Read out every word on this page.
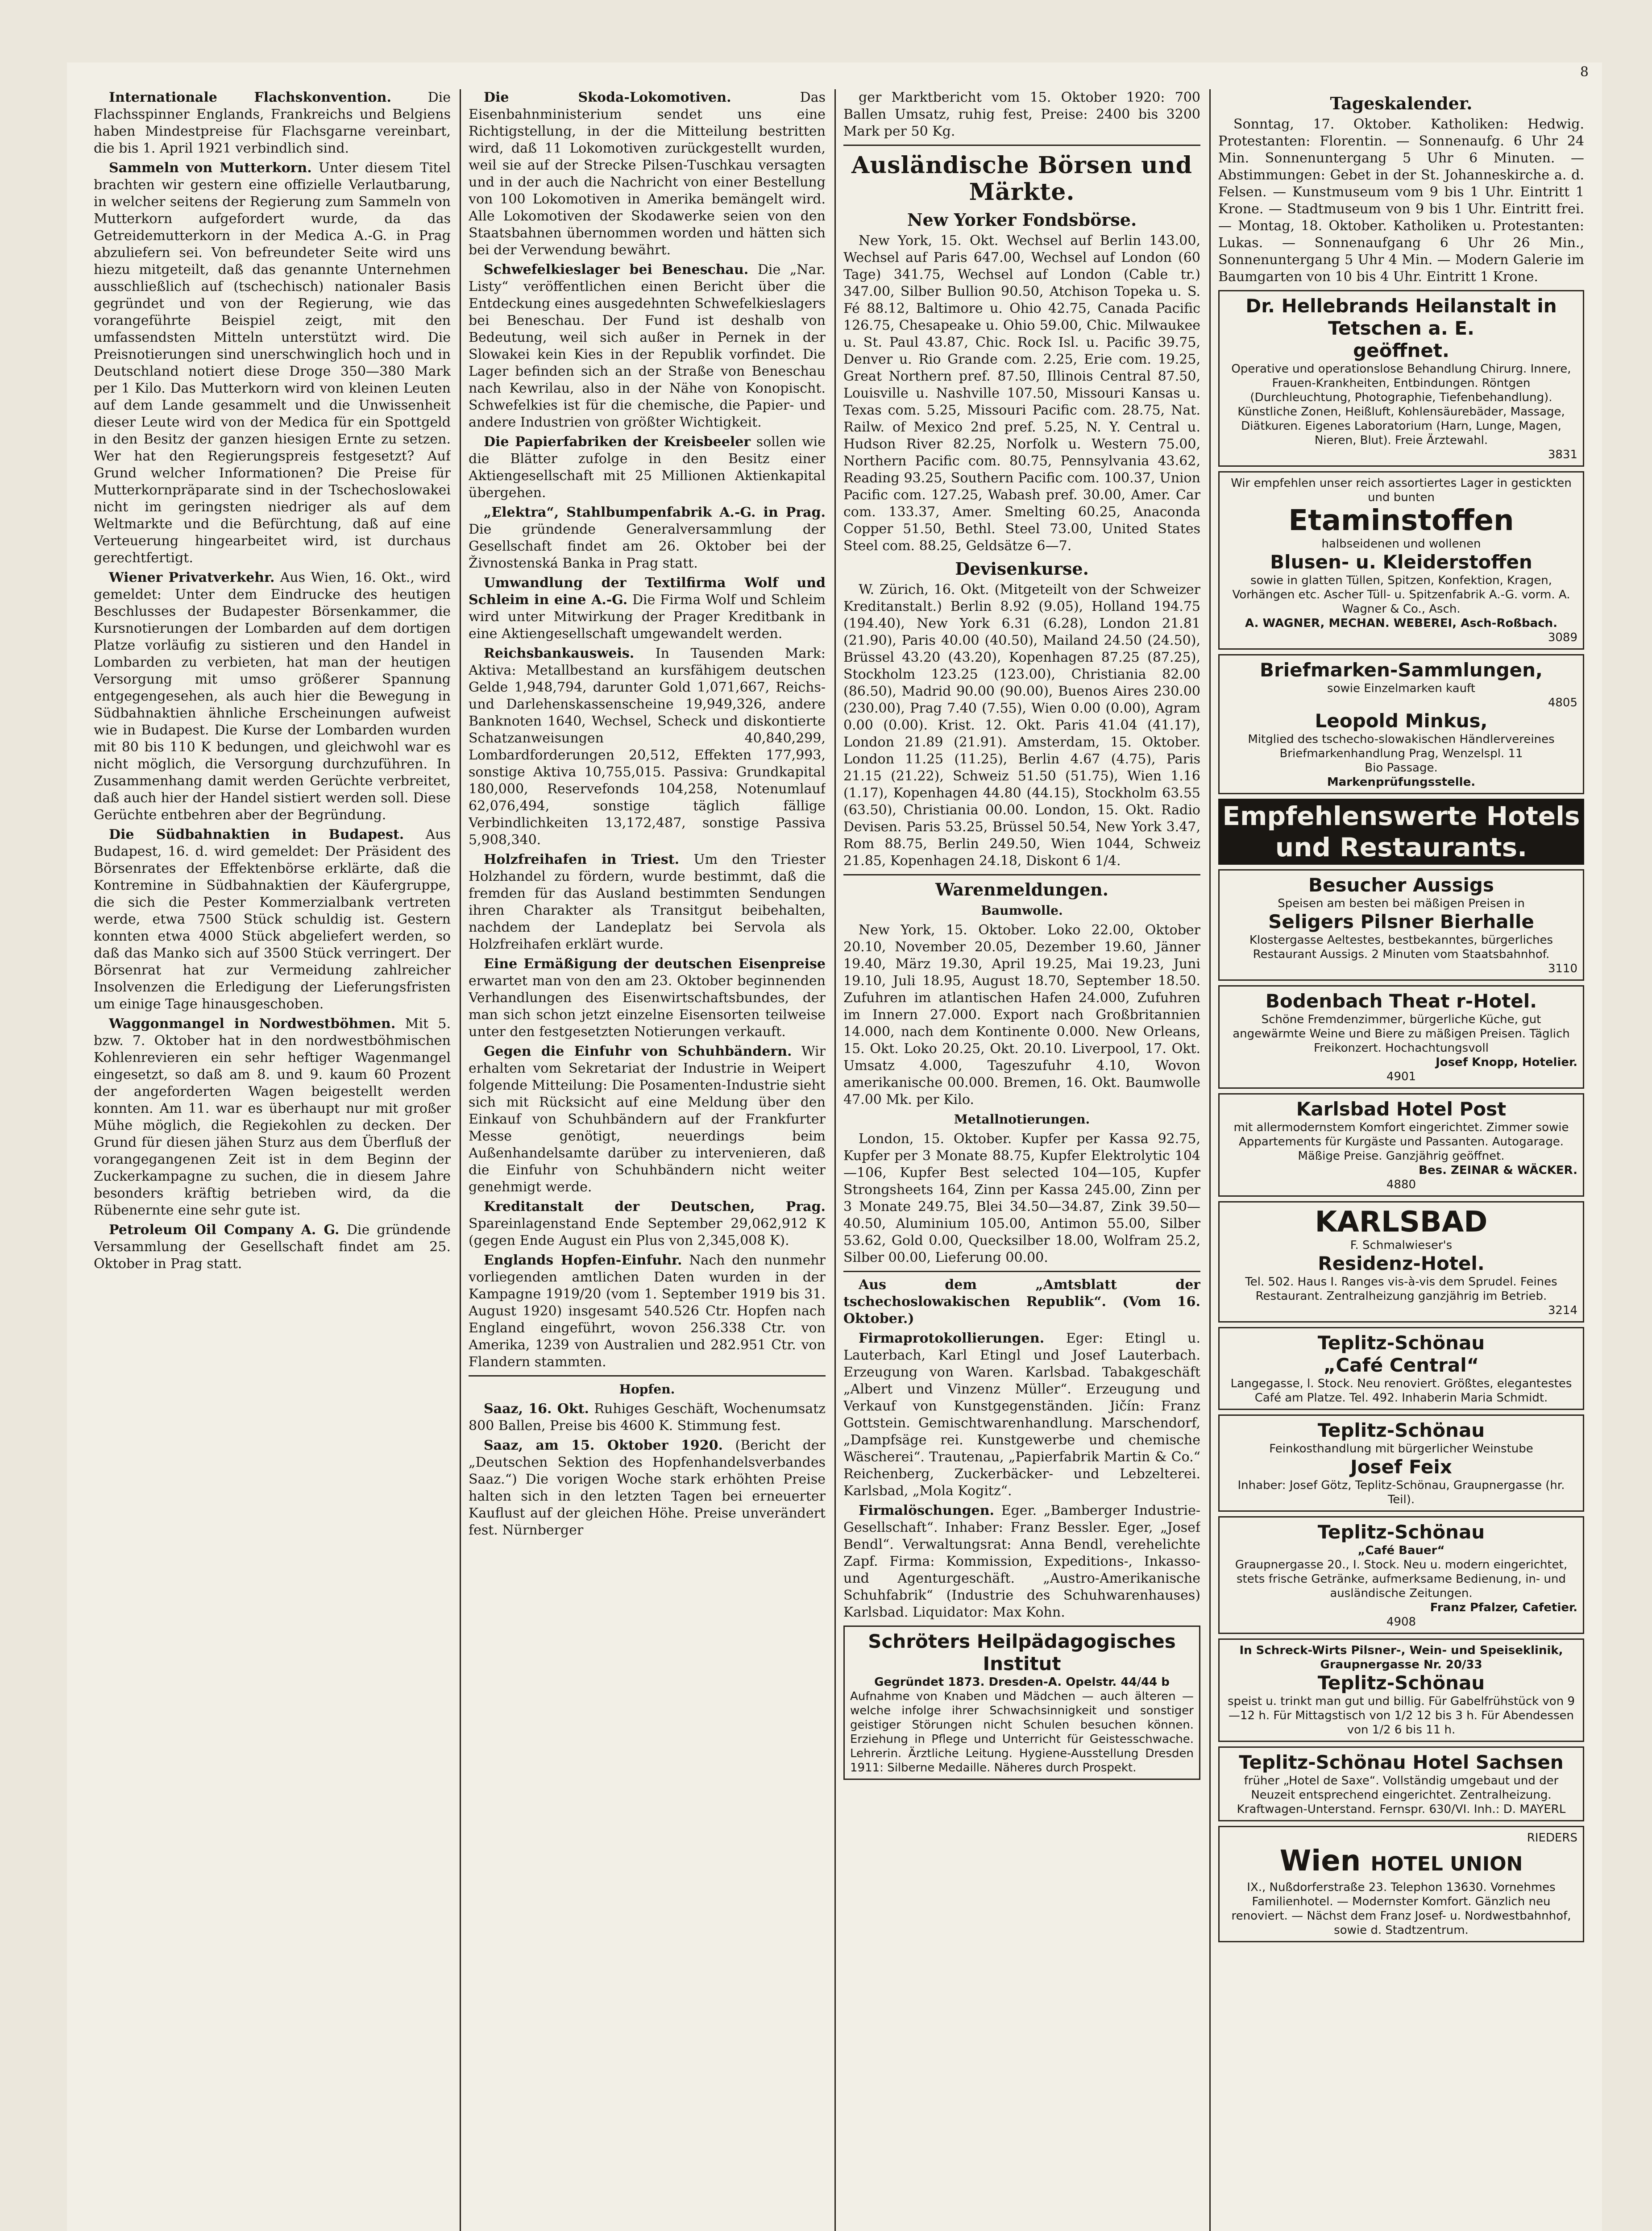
8

Internationale Flachskonvention.	Die Flachsspinner Englands, Frankreichs und Belgiens haben Mindestpreise für Flachsgarne vereinbart, die bis 1. April 1921 verbindlich sind.

Sammeln von Mutterkorn. Unter diesem Titel brachten wir gestern eine offizielle Verlautbarung, in welcher seitens der Regierung zum Sammeln von Mutterkorn aufgefordert wurde, da das Getreidemutterkorn in der Medica A.-G. in Prag abzuliefern sei. Von befreundeter Seite wird uns hiezu mitgeteilt, daß das genannte Unternehmen ausschließlich auf (tschechisch) nationaler Basis gegründet und von der Regierung, wie das vorangeführte Beispiel zeigt, mit den umfassendsten Mitteln unterstützt wird. Die Preisnotierungen sind unerschwinglich hoch und in Deutschland notiert diese Droge 350—380 Mark per 1 Kilo. Das Mutterkorn wird von kleinen Leuten auf dem Lande gesammelt und die Unwissenheit dieser Leute wird von der Medica für ein Spottgeld in den Besitz der ganzen hiesigen Ernte zu setzen. Wer hat den Regierungspreis festgesetzt? Auf Grund welcher Informationen? Die Preise für Mutterkornpräparate sind in der Tschechoslowakei nicht im geringsten niedriger als auf dem Weltmarkte und die Befürchtung, daß auf eine Verteuerung hingearbeitet wird, ist durchaus gerechtfertigt.

Wiener Privatverkehr. Aus Wien, 16. Okt., wird gemeldet: Unter dem Eindrucke des heutigen Beschlusses der Budapester Börsenkammer, die Kursnotierungen der Lombarden auf dem dortigen Platze vorläufig zu sistieren und den Handel in Lombarden zu verbieten, hat man der heutigen Versorgung mit umso größerer Spannung entgegengesehen, als auch hier die Bewegung in Südbahnaktien ähnliche Erscheinungen aufweist wie in Budapest. Die Kurse der Lombarden wurden mit 80 bis 110 K bedungen, und gleichwohl war es nicht möglich, die Versorgung durchzuführen. In Zusammenhang damit werden Gerüchte verbreitet, daß auch hier der Handel sistiert werden soll. Diese Gerüchte entbehren aber der Begründung.

Die Südbahnaktien in Budapest. Aus Budapest, 16. d. wird gemeldet: Der Präsident des Börsenrates der Effektenbörse erklärte, daß die Kontremine in Südbahnaktien der Käufergruppe, die sich die Pester Kommerzialbank vertreten werde, etwa 7500 Stück schuldig ist. Gestern konnten etwa 4000 Stück abgeliefert werden, so daß das Manko sich auf 3500 Stück verringert. Der Börsenrat hat zur Vermeidung zahlreicher Insolvenzen die Erledigung der Lieferungsfristen um einige Tage hinausgeschoben.

Waggonmangel in Nordwestböhmen. Mit 5. bzw. 7. Oktober hat in den nordwestböhmischen Kohlenrevieren ein sehr heftiger Wagenmangel eingesetzt, so daß am 8. und 9. kaum 60 Prozent der angeforderten Wagen beigestellt werden konnten. Am 11. war es überhaupt nur mit großer Mühe möglich, die Regiekohlen zu decken. Der Grund für diesen jähen Sturz aus dem Überfluß der vorangegangenen Zeit ist in dem Beginn der Zuckerkampagne zu suchen, die in diesem Jahre besonders kräftig betrieben wird, da die Rübenernte eine sehr gute ist.

Petroleum Oil Company A. G. Die gründende Versammlung der Gesellschaft findet am 25. Oktober in Prag statt.

Die Skoda-Lokomotiven.	Das Eisenbahnministerium sendet uns eine Richtigstellung, in der die Mitteilung bestritten wird, daß 11 Lokomotiven zurückgestellt wurden, weil sie auf der Strecke Pilsen-Tuschkau versagten und in der auch die Nachricht von einer Bestellung von 100 Lokomotiven in Amerika bemängelt wird. Alle Lokomotiven der Skodawerke seien von den Staatsbahnen übernommen worden und hätten sich bei der Verwendung bewährt.

Schwefelkieslager bei Beneschau. Die „Nar. Listy“ veröffentlichen einen Bericht über die Entdeckung eines ausgedehnten Schwefelkieslagers bei Beneschau. Der Fund ist deshalb von Bedeutung, weil sich außer in Pernek in der Slowakei kein Kies in der Republik vorfindet. Die Lager befinden sich an der Straße von Beneschau nach Kewrilau, also in der Nähe von Konopischt. Schwefelkies ist für die chemische, die Papier- und andere Industrien von größter Wichtigkeit.

Die Papierfabriken der Kreisbeeler sollen wie die Blätter zufolge in den Besitz einer Aktiengesellschaft mit 25 Millionen Aktienkapital übergehen.

„Elektra“, Stahlbumpenfabrik A.-G. in Prag. Die gründende Generalversammlung der Gesellschaft findet am 26. Oktober bei der Živnostenská Banka in Prag statt.

Umwandlung der Textilfirma Wolf und Schleim in eine A.-G. Die Firma Wolf und Schleim wird unter Mitwirkung der Prager Kreditbank in eine Aktiengesellschaft umgewandelt werden.

Reichsbankausweis. In Tausenden Mark: Aktiva: Metallbestand an kursfähigem deutschen Gelde 1,948,794, darunter Gold 1,071,667, Reichs- und Darlehenskassenscheine 19,949,326, andere Banknoten 1640, Wechsel, Scheck und diskontierte Schatzanweisungen 40,840,299, Lombardforderungen 20,512, Effekten 177,993, sonstige Aktiva 10,755,015. Passiva: Grundkapital 180,000, Reservefonds 104,258, Notenumlauf 62,076,494, sonstige täglich fällige Verbindlichkeiten 13,172,487, sonstige Passiva 5,908,340.

Holzfreihafen in Triest. Um den Triester Holzhandel zu fördern, wurde bestimmt, daß die fremden für das Ausland bestimmten Sendungen ihren Charakter als Transitgut beibehalten, nachdem der Landeplatz bei Servola als Holzfreihafen erklärt wurde.

Eine Ermäßigung der deutschen Eisenpreise erwartet man von den am 23. Oktober beginnenden Verhandlungen des Eisenwirtschaftsbundes, der man sich schon jetzt einzelne Eisensorten teilweise unter den festgesetzten Notierungen verkauft.

Gegen die Einfuhr von Schuhbändern. Wir erhalten vom Sekretariat der Industrie in Weipert folgende Mitteilung: Die Posamenten-Industrie sieht sich mit Rücksicht auf eine Meldung über den Einkauf von Schuhbändern auf der Frankfurter Messe genötigt, neuerdings beim Außenhandelsamte darüber zu intervenieren, daß die Einfuhr von Schuhbändern nicht weiter genehmigt werde.

Kreditanstalt der Deutschen, Prag. Spareinlagenstand Ende September 29,062,912 K (gegen Ende August ein Plus von 2,345,008 K).

Englands Hopfen-Einfuhr. Nach den nunmehr vorliegenden amtlichen Daten wurden in der Kampagne 1919/20 (vom 1. September 1919 bis 31. August 1920) insgesamt 540.526 Ctr. Hopfen nach England eingeführt, wovon 256.338 Ctr. von Amerika, 1239 von Australien und 282.951 Ctr. von Flandern stammten.

Hopfen.

Saaz, 16. Okt. Ruhiges Geschäft, Wochenumsatz 800 Ballen, Preise bis 4600 K. Stimmung fest.

Saaz, am 15. Oktober 1920. (Bericht der „Deutschen Sektion des Hopfenhandelsverbandes Saaz.“) Die vorigen Woche stark erhöhten Preise halten sich in den letzten Tagen bei erneuerter Kauflust auf der gleichen Höhe. Preise unverändert fest. Nürnberger

ger Marktbericht vom 15. Oktober 1920: 700 Ballen Umsatz, ruhig fest, Preise: 2400 bis 3200 Mark per 50 Kg.

Ausländische Börsen und Märkte.
New Yorker Fondsbörse.

New York, 15. Okt. Wechsel auf Berlin 143.00, Wechsel auf Paris 647.00, Wechsel auf London (60 Tage) 341.75, Wechsel auf London (Cable tr.) 347.00, Silber Bullion 90.50, Atchison Topeka u. S. Fé 88.12, Baltimore u. Ohio 42.75, Canada Pacific 126.75, Chesapeake u. Ohio 59.00, Chic. Milwaukee u. St. Paul 43.87, Chic. Rock Isl. u. Pacific 39.75, Denver u. Rio Grande com. 2.25, Erie com. 19.25, Great Northern pref. 87.50, Illinois Central 87.50, Louisville u. Nashville 107.50, Missouri Kansas u. Texas com. 5.25, Missouri Pacific com. 28.75, Nat. Railw. of Mexico 2nd pref. 5.25, N. Y. Central u. Hudson River 82.25, Norfolk u. Western 75.00, Northern Pacific com. 80.75, Pennsylvania 43.62, Reading 93.25, Southern Pacific com. 100.37, Union Pacific com. 127.25, Wabash pref. 30.00, Amer. Car com. 133.37, Amer. Smelting 60.25, Anaconda Copper 51.50, Bethl. Steel 73.00, United States Steel com. 88.25, Geldsätze 6—7.

Devisenkurse.

W. Zürich, 16. Okt. (Mitgeteilt von der Schweizer Kreditanstalt.) Berlin 8.92 (9.05), Holland 194.75 (194.40), New York 6.31 (6.28), London 21.81 (21.90), Paris 40.00 (40.50), Mailand 24.50 (24.50), Brüssel 43.20 (43.20), Kopenhagen 87.25 (87.25), Stockholm 123.25 (123.00), Christiania 82.00 (86.50), Madrid 90.00 (90.00), Buenos Aires 230.00 (230.00), Prag 7.40 (7.55), Wien 0.00 (0.00), Agram 0.00 (0.00). Krist. 12. Okt. Paris 41.04 (41.17), London 21.89 (21.91). Amsterdam, 15. Oktober. London 11.25 (11.25), Berlin 4.67 (4.75), Paris 21.15 (21.22), Schweiz 51.50 (51.75), Wien 1.16 (1.17), Kopenhagen 44.80 (44.15), Stockholm 63.55 (63.50), Christiania 00.00. London, 15. Okt. Radio Devisen. Paris 53.25, Brüssel 50.54, New York 3.47, Rom 88.75, Berlin 249.50, Wien 1044, Schweiz 21.85, Kopenhagen 24.18, Diskont 6 1/4.

Warenmeldungen.
Baumwolle.

New York, 15. Oktober. Loko 22.00, Oktober 20.10, November 20.05, Dezember 19.60, Jänner 19.40, März 19.30, April 19.25, Mai 19.23, Juni 19.10, Juli 18.95, August 18.70, September 18.50. Zufuhren im atlantischen Hafen 24.000, Zufuhren im Innern 27.000. Export nach Großbritannien 14.000, nach dem Kontinente 0.000. New Orleans, 15. Okt. Loko 20.25, Okt. 20.10. Liverpool, 17. Okt. Umsatz 4.000, Tageszufuhr 4.10, Wovon amerikanische 00.000. Bremen, 16. Okt. Baumwolle 47.00 Mk. per Kilo.

Metallnotierungen.

London, 15. Oktober. Kupfer per Kassa 92.75, Kupfer per 3 Monate 88.75, Kupfer Elektrolytic 104—106, Kupfer Best selected 104—105, Kupfer Strongsheets 164, Zinn per Kassa 245.00, Zinn per 3 Monate 249.75, Blei 34.50—34.87, Zink 39.50—40.50, Aluminium 105.00, Antimon 55.00, Silber 53.62, Gold 0.00, Quecksilber 18.00, Wolfram 25.2, Silber 00.00, Lieferung 00.00.

Aus dem „Amtsblatt der tschechoslowakischen Republik“. (Vom 16. Oktober.)

Firmaprotokollierungen. Eger: Etingl u. Lauterbach, Karl Etingl und Josef Lauterbach. Erzeugung von Waren. Karlsbad. Tabakgeschäft „Albert und Vinzenz Müller“. Erzeugung und Verkauf von Kunstgegenständen. Jičín: Franz Gottstein. Gemischtwarenhandlung. Marschendorf, „Dampfsäge rei. Kunstgewerbe und chemische Wäscherei“. Trautenau, „Papierfabrik Martin & Co.“ Reichenberg, Zuckerbäcker- und Lebzelterei. Karlsbad, „Mola Kogitz“.

Firmalöschungen. Eger. „Bamberger Industrie-Gesellschaft“. Inhaber: Franz Bessler. Eger, „Josef Bendl“. Verwaltungsrat: Anna Bendl, verehelichte Zapf. Firma: Kommission, Expeditions-, Inkasso- und Agenturgeschäft. „Austro-Amerikanische Schuhfabrik“ (Industrie des Schuhwarenhauses) Karlsbad. Liquidator: Max Kohn.

Schröters Heilpädagogisches Institut
Gegründet 1873. Dresden-A. Opelstr. 44/44 b
Aufnahme von Knaben und Mädchen — auch älteren — welche infolge ihrer Schwachsinnigkeit und sonstiger geistiger Störungen nicht Schulen besuchen können. Erziehung in Pflege und Unterricht für Geistesschwache. Lehrerin. Ärztliche Leitung. Hygiene-Ausstellung Dresden 1911: Silberne Medaille. Näheres durch Prospekt.
Tageskalender.

Sonntag, 17. Oktober. Katholiken: Hedwig. Protestanten: Florentin. — Sonnenaufg. 6 Uhr 24 Min. Sonnenuntergang 5 Uhr 6 Minuten. — Abstimmungen: Gebet in der St. Johanneskirche a. d. Felsen. — Kunstmuseum vom 9 bis 1 Uhr. Eintritt 1 Krone. — Stadtmuseum von 9 bis 1 Uhr. Eintritt frei. — Montag, 18. Oktober. Katholiken u. Protestanten: Lukas. — Sonnenaufgang 6 Uhr 26 Min., Sonnenuntergang 5 Uhr 4 Min. — Modern Galerie im Baumgarten von 10 bis 4 Uhr. Eintritt 1 Krone.

Dr. Hellebrands Heilanstalt in Tetschen a. E.
geöffnet.
Operative und operationslose Behandlung Chirurg. Innere, Frauen-Krankheiten, Entbindungen. Röntgen (Durchleuchtung, Photographie, Tiefenbehandlung). Künstliche Zonen, Heißluft, Kohlensäurebäder, Massage, Diätkuren. Eigenes Laboratorium (Harn, Lunge, Magen, Nieren, Blut). Freie Ärztewahl.
3831
Wir empfehlen unser reich assortiertes Lager in gestickten und bunten
Etaminstoffen
halbseidenen und wollenen
Blusen- u. Kleiderstoffen
sowie in glatten Tüllen, Spitzen, Konfektion, Kragen, Vorhängen etc. Ascher Tüll- u. Spitzenfabrik A.-G. vorm. A. Wagner & Co., Asch.
A. WAGNER, MECHAN. WEBEREI, Asch-Roßbach.
3089
Briefmarken-Sammlungen,
sowie Einzelmarken kauft
4805
Leopold Minkus,
Mitglied des tschecho-slowakischen Händlervereines Briefmarkenhandlung Prag, Wenzelspl. 11
Bio Passage.
Markenprüfungsstelle.
Empfehlenswerte Hotels und Restaurants.
Besucher Aussigs
Speisen am besten bei mäßigen Preisen in
Seligers Pilsner Bierhalle
Klostergasse Aeltestes, bestbekanntes, bürgerliches Restaurant Aussigs. 2 Minuten vom Staatsbahnhof.
3110
Bodenbach Theat r-Hotel.
Schöne Fremdenzimmer, bürgerliche Küche, gut angewärmte Weine und Biere zu mäßigen Preisen. Täglich Freikonzert. Hochachtungsvoll
Josef Knopp, Hotelier.
4901
Karlsbad Hotel Post
mit allermodernstem Komfort eingerichtet. Zimmer sowie Appartements für Kurgäste und Passanten. Autogarage. Mäßige Preise. Ganzjährig geöffnet.
Bes. ZEINAR & WÄCKER.
4880
KARLSBAD
F. Schmalwieser's
Residenz-Hotel.
Tel. 502. Haus I. Ranges vis-à-vis dem Sprudel. Feines Restaurant. Zentralheizung ganzjährig im Betrieb.
3214
Teplitz-Schönau
„Café Central“
Langegasse, l. Stock. Neu renoviert. Größtes, elegantestes Café am Platze. Tel. 492. Inhaberin Maria Schmidt.
Teplitz-Schönau
Feinkosthandlung mit bürgerlicher Weinstube
Josef Feix
Inhaber: Josef Götz, Teplitz-Schönau, Graupnergasse (hr. Teil).
Teplitz-Schönau
„Café Bauer“
Graupnergasse 20., I. Stock. Neu u. modern eingerichtet, stets frische Getränke, aufmerksame Bedienung, in- und ausländische Zeitungen.
Franz Pfalzer, Cafetier.
4908
In Schreck-Wirts Pilsner-, Wein- und Speiseklinik, Graupnergasse Nr. 20/33
Teplitz-Schönau
speist u. trinkt man gut und billig. Für Gabelfrühstück von 9—12 h. Für Mittagstisch von 1/2 12 bis 3 h. Für Abendessen von 1/2 6 bis 11 h.
Teplitz-Schönau Hotel Sachsen
früher „Hotel de Saxe“. Vollständig umgebaut und der Neuzeit entsprechend eingerichtet. Zentralheizung. Kraftwagen-Unterstand. Fernspr. 630/VI. Inh.: D. MAYERL
RIEDERS
Wien HOTEL UNION
IX., Nußdorferstraße 23. Telephon 13630. Vornehmes Familienhotel. — Modernster Komfort. Gänzlich neu renoviert. — Nächst dem Franz Josef- u. Nordwestbahnhof, sowie d. Stadtzentrum.
